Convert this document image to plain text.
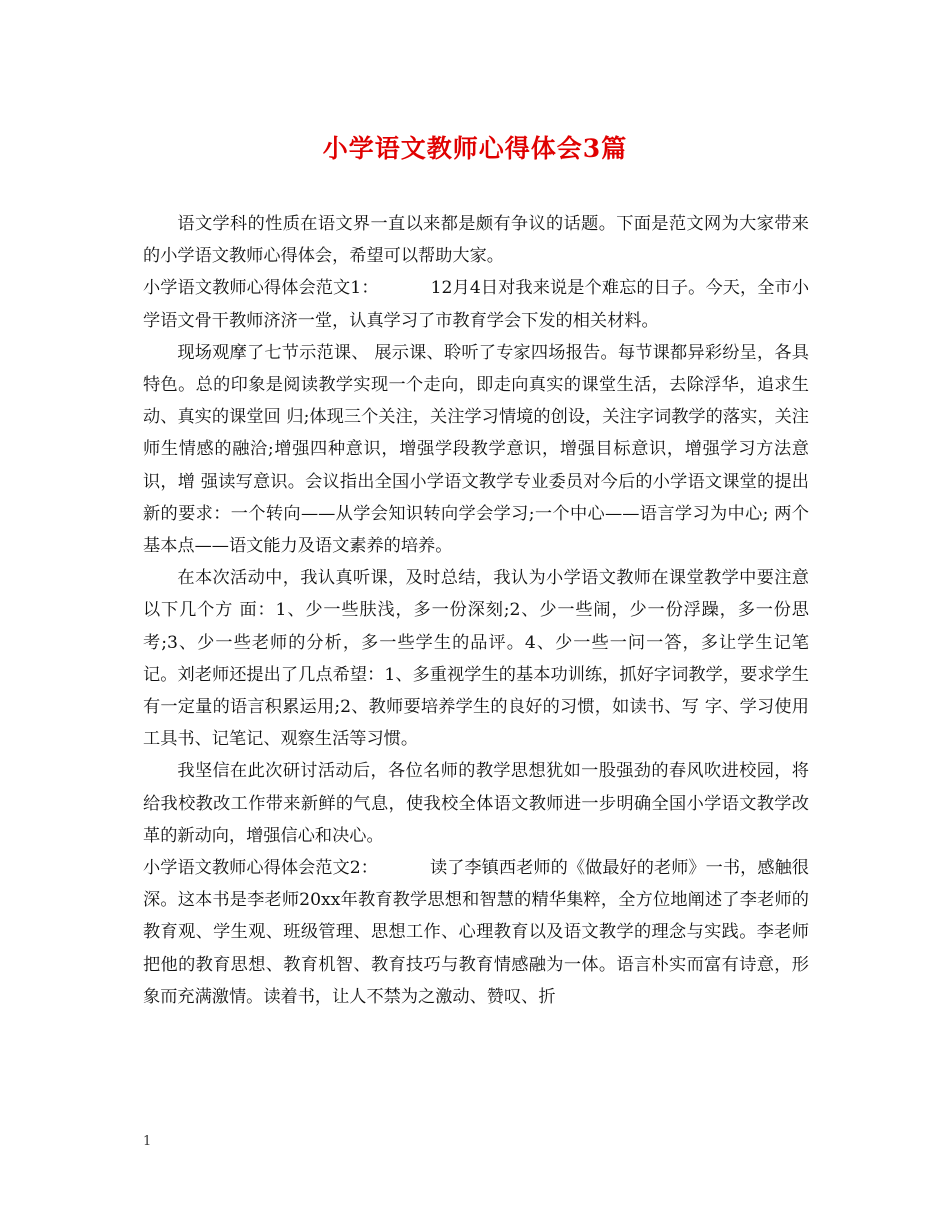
小学语文教师心得体会3篇

语文学科的性质在语文界一直以来都是颇有争议的话题。下面是范文网为大家带来的小学语文教师心得体会，希望可以帮助大家。

小学语文教师心得体会范文1：	12月4日对我来说是个难忘的日子。今天，全市小学语文骨干教师济济一堂，认真学习了市教育学会下发的相关材料。

现场观摩了七节示范课、 展示课、聆听了专家四场报告。每节课都异彩纷呈，各具特色。总的印象是阅读教学实现一个走向，即走向真实的课堂生活，去除浮华，追求生动、真实的课堂回 归;体现三个关注，关注学习情境的创设，关注字词教学的落实，关注师生情感的融洽;增强四种意识，增强学段教学意识，增强目标意识，增强学习方法意识，增 强读写意识。会议指出全国小学语文教学专业委员对今后的小学语文课堂的提出新的要求：一个转向——从学会知识转向学会学习;一个中心——语言学习为中心; 两个基本点——语文能力及语文素养的培养。

在本次活动中，我认真听课，及时总结，我认为小学语文教师在课堂教学中要注意以下几个方 面：1、少一些肤浅，多一份深刻;2、少一些闹，少一份浮躁，多一份思考;3、少一些老师的分析，多一些学生的品评。4、少一些一问一答，多让学生记笔 记。刘老师还提出了几点希望：1、多重视学生的基本功训练，抓好字词教学，要求学生有一定量的语言积累运用;2、教师要培养学生的良好的习惯，如读书、写 字、学习使用工具书、记笔记、观察生活等习惯。

我坚信在此次研讨活动后，各位名师的教学思想犹如一股强劲的春风吹进校园，将给我校教改工作带来新鲜的气息，使我校全体语文教师进一步明确全国小学语文教学改革的新动向，增强信心和决心。

小学语文教师心得体会范文2：	读了李镇西老师的《做最好的老师》一书，感触很深。这本书是李老师20xx年教育教学思想和智慧的精华集粹，全方位地阐述了李老师的教育观、学生观、班级管理、思想工作、心理教育以及语文教学的理念与实践。李老师把他的教育思想、教育机智、教育技巧与教育情感融为一体。语言朴实而富有诗意，形象而充满激情。读着书，让人不禁为之激动、赞叹、折

1
